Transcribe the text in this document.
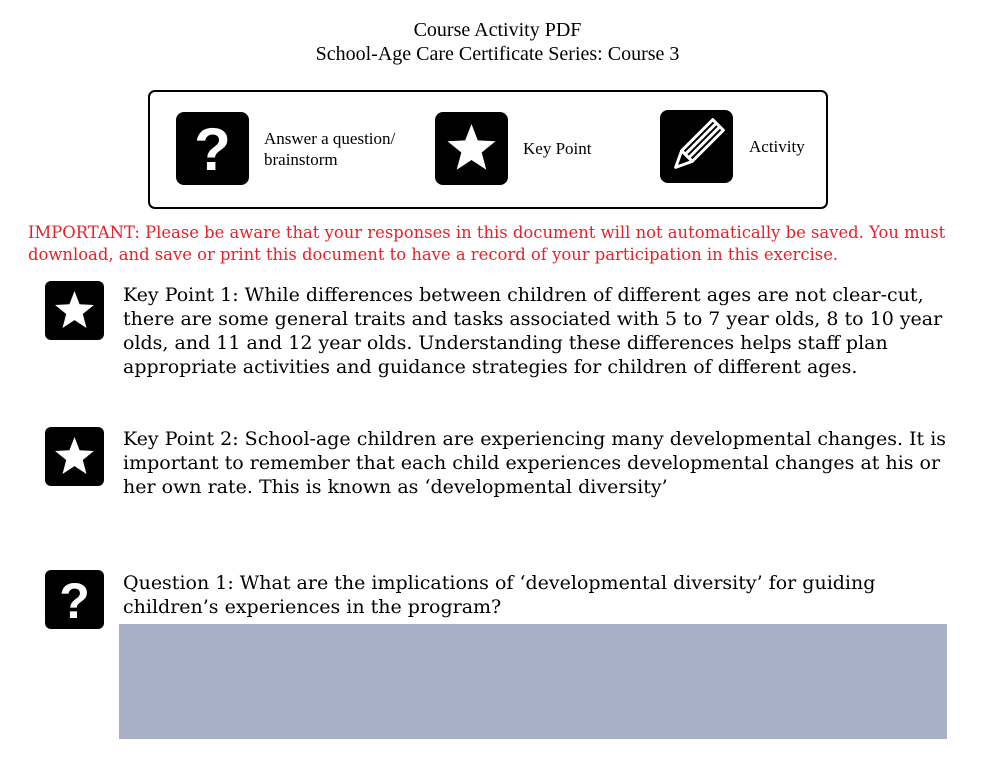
Course Activity PDF
School-Age Care Certificate Series: Course 3
? Answer a question/
brainstorm
Key Point	Activity
IMPORTANT: Please be aware that your responses in this document will not automatically be saved. You must download, and save or print this document to have a record of your participation in this exercise.
Key Point 1: While differences between children of different ages are not clear-cut, there are some general traits and tasks associated with 5 to 7 year olds, 8 to 10 year olds, and 11 and 12 year olds. Understanding these differences helps staff plan appropriate activities and guidance strategies for children of different ages.
Key Point 2: School-age children are experiencing many developmental changes. It is important to remember that each child experiences developmental changes at his or her own rate. This is known as ‘developmental diversity’
? Question 1: What are the implications of ‘developmental diversity’ for guiding children’s experiences in the program?
